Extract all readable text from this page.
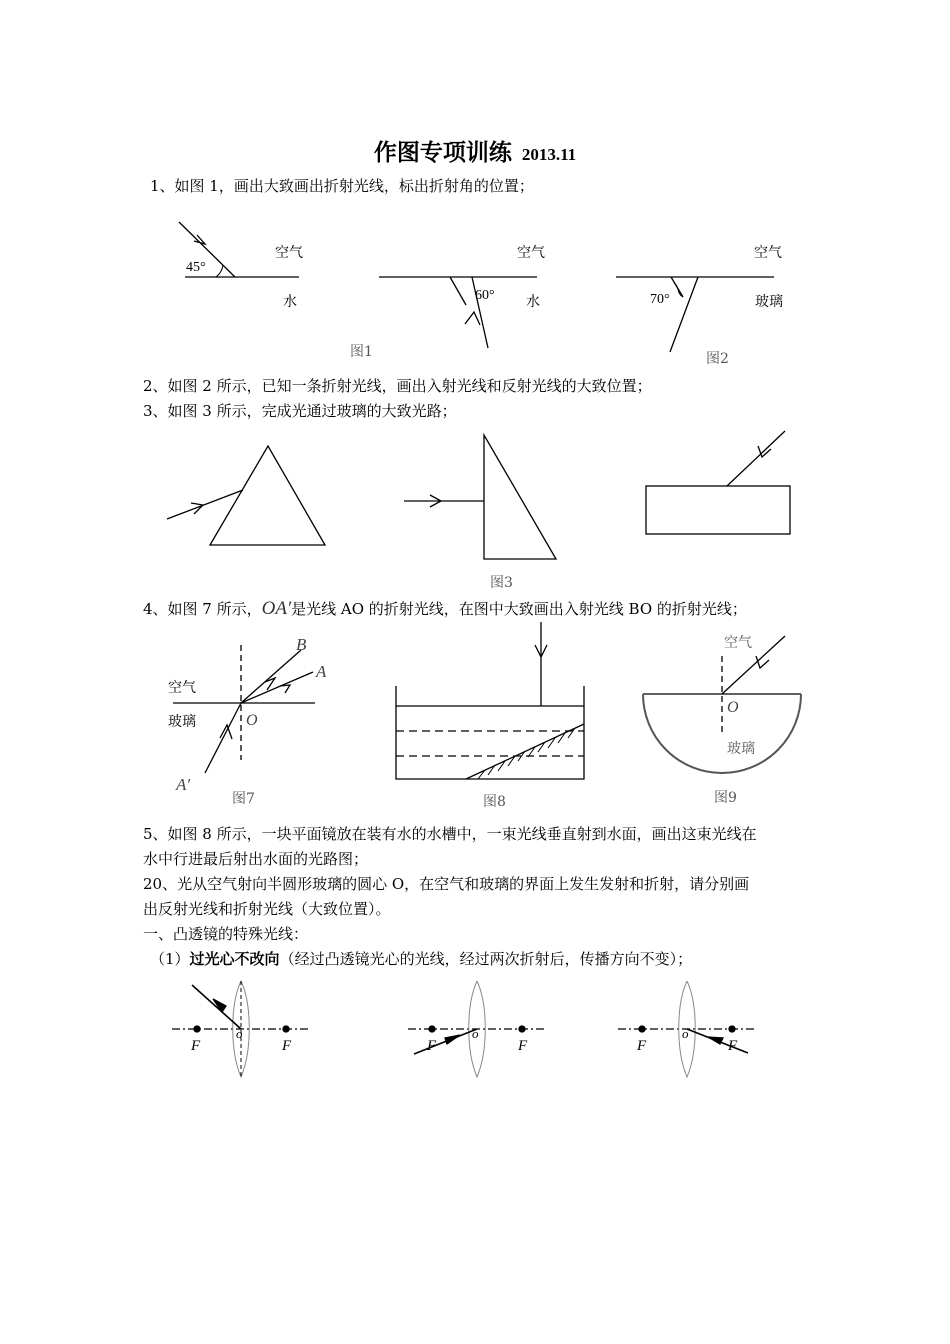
作图专项训练 2013.11
1、如图 1，画出大致画出折射光线，标出折射角的位置；
2、如图 2 所示，已知一条折射光线，画出入射光线和反射光线的大致位置；
3、如图 3 所示，完成光通过玻璃的大致光路；
4、如图 7 所示，OA′是光线 AO 的折射光线，在图中大致画出入射光线 BO 的折射光线；
5、如图 8 所示，一块平面镜放在装有水的水槽中，一束光线垂直射到水面，画出这束光线在
水中行进最后射出水面的光路图；
20、光从空气射向半圆形玻璃的圆心 O，在空气和玻璃的界面上发生发射和折射，请分别画
出反射光线和折射光线（大致位置）。
一、凸透镜的特殊光线：
（1）过光心不改向（经过凸透镜光心的光线，经过两次折射后，传播方向不变）；
空气
水
45°
空气
水
60°
空气
玻璃
70°
图1	图2
图3
空气
玻璃
B
A
O
A′
图7	图8
空气
O
玻璃
图9
F
o
F	F
o
F	F
o
F
